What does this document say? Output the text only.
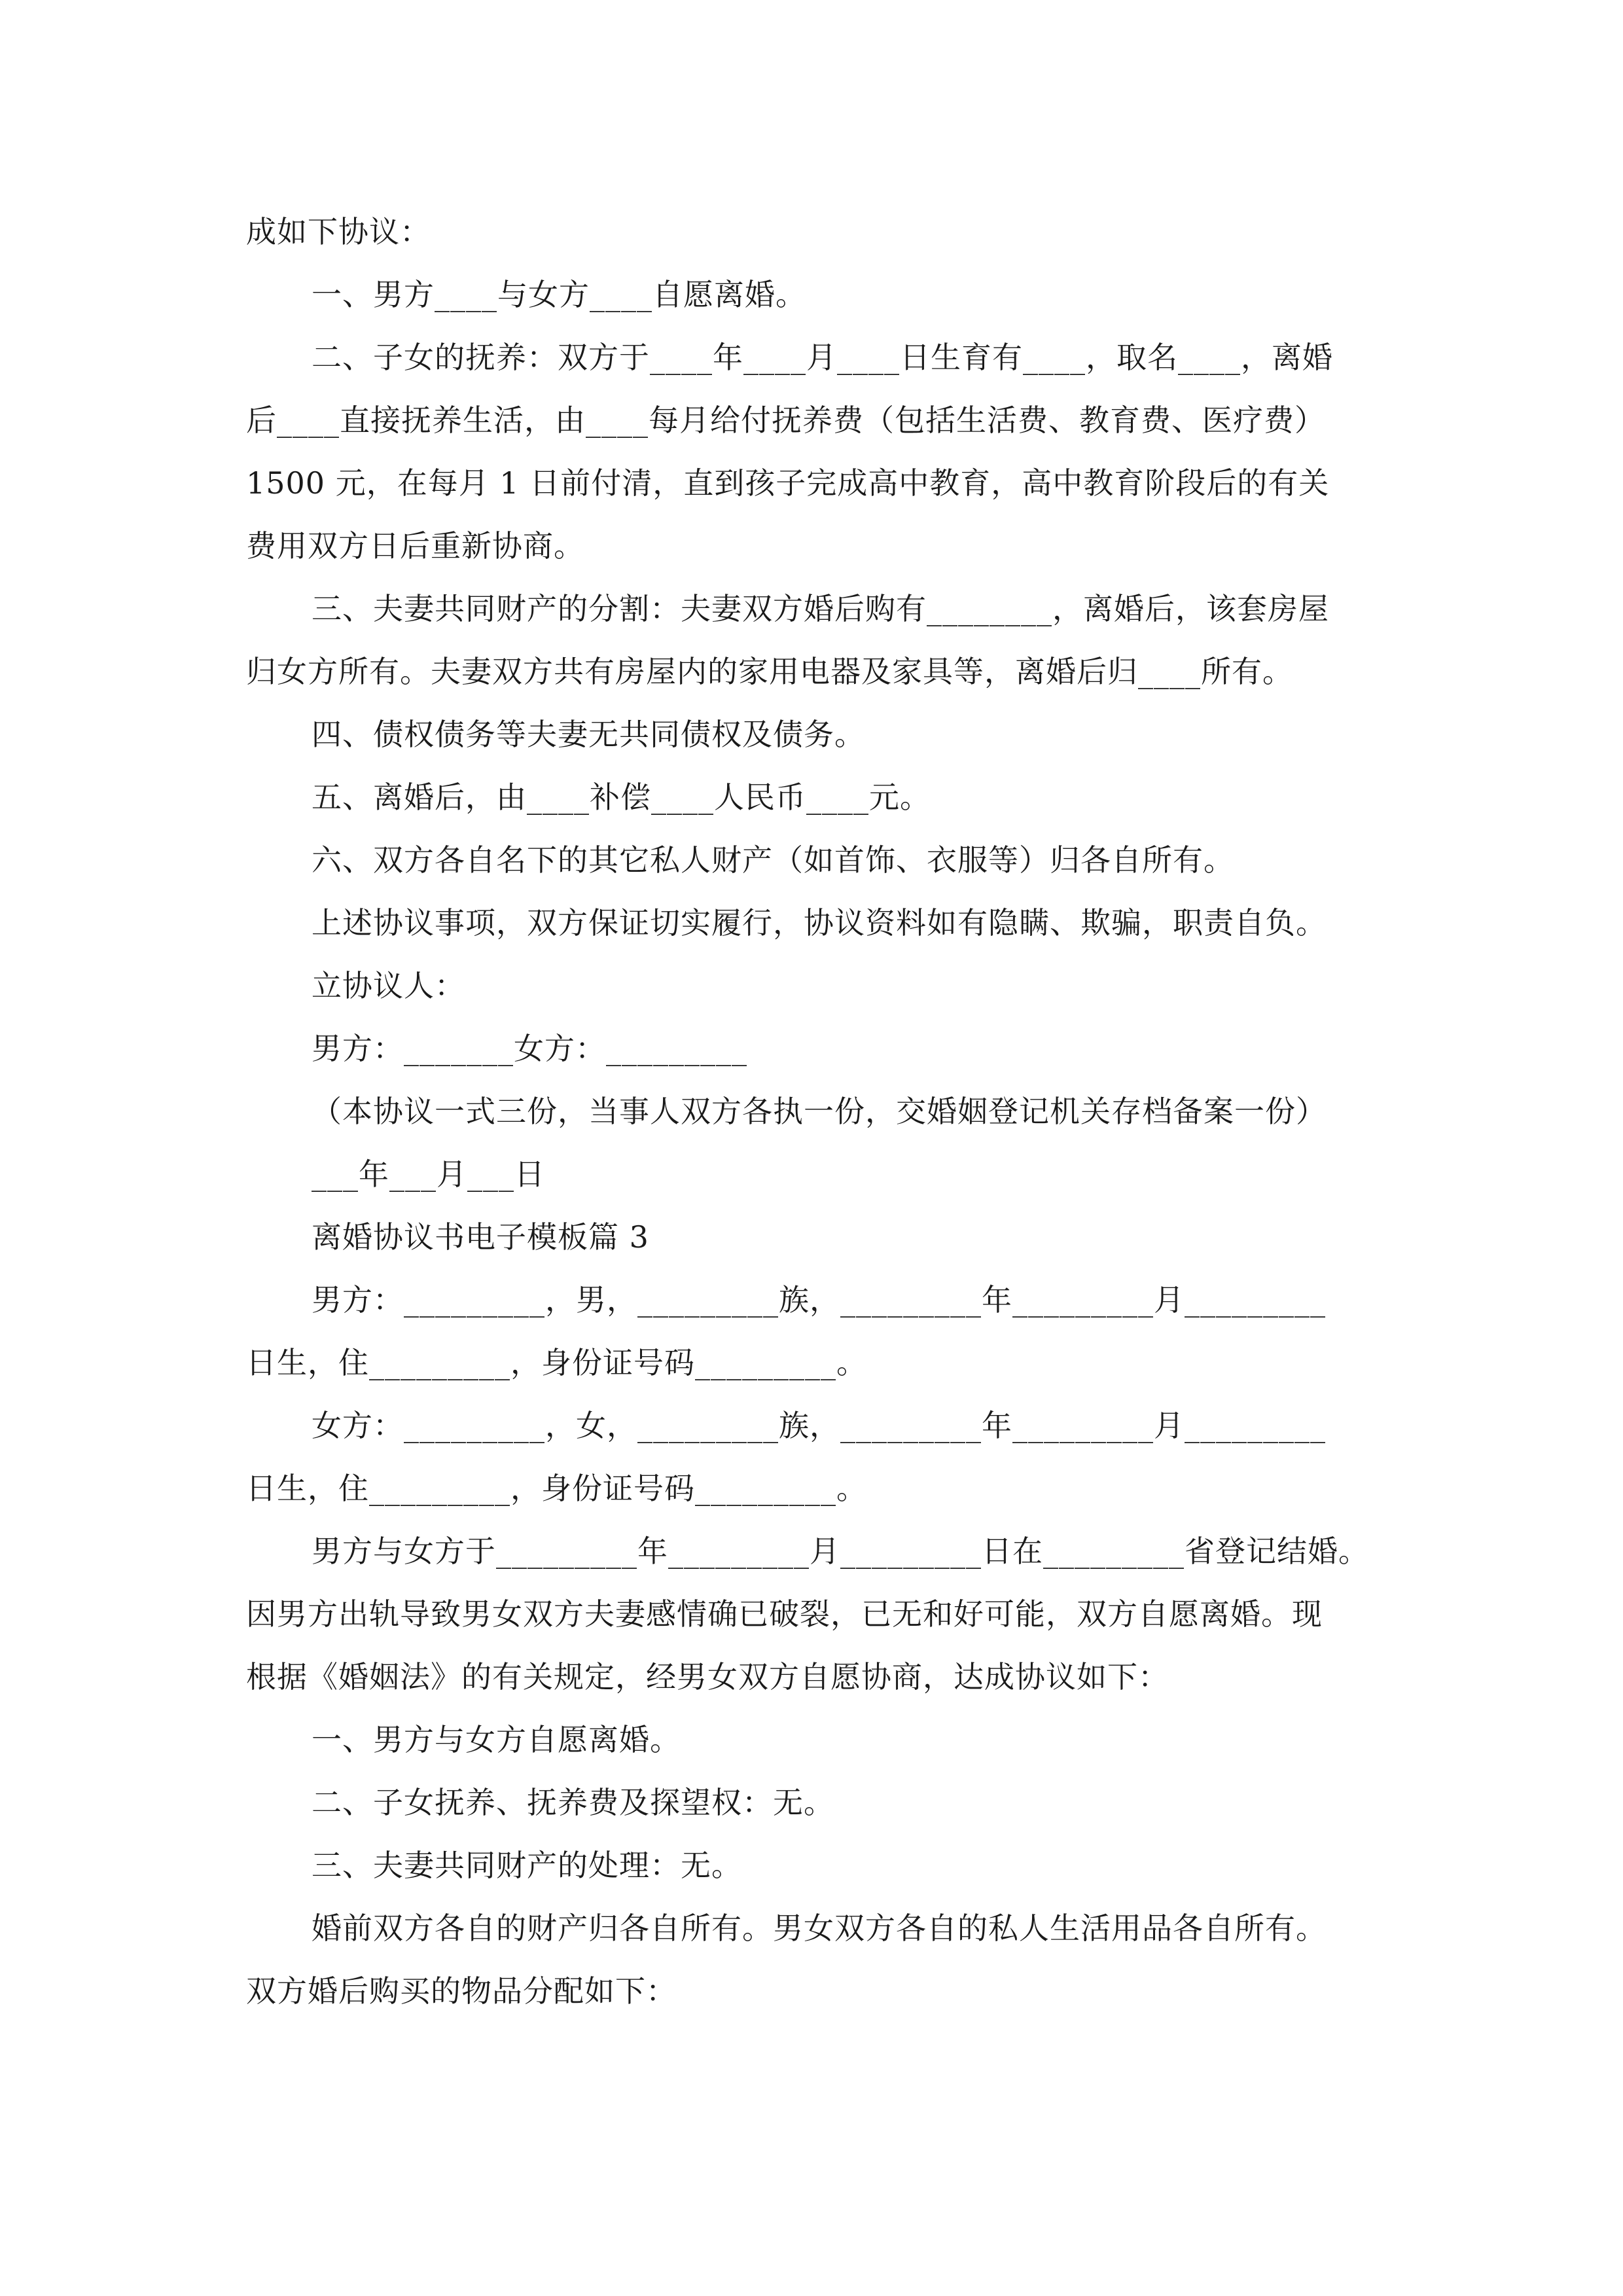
成如下协议：
一、男方____与女方____自愿离婚。
二、子女的抚养：双方于____年____月____日生育有____，取名____，离婚
后____直接抚养生活，由____每月给付抚养费（包括生活费、教育费、医疗费）
1500 元，在每月 1 日前付清，直到孩子完成高中教育，高中教育阶段后的有关
费用双方日后重新协商。
三、夫妻共同财产的分割：夫妻双方婚后购有________，离婚后，该套房屋
归女方所有。夫妻双方共有房屋内的家用电器及家具等，离婚后归____所有。
四、债权债务等夫妻无共同债权及债务。
五、离婚后，由____补偿____人民币____元。
六、双方各自名下的其它私人财产（如首饰、衣服等）归各自所有。
上述协议事项，双方保证切实履行，协议资料如有隐瞒、欺骗，职责自负。
立协议人：
男方：_______女方：_________
（本协议一式三份，当事人双方各执一份，交婚姻登记机关存档备案一份）
___年___月___日
离婚协议书电子模板篇 3
男方：_________，男，_________族，_________年_________月_________
日生，住_________，身份证号码_________。
女方：_________，女，_________族，_________年_________月_________
日生，住_________，身份证号码_________。
男方与女方于_________年_________月_________日在_________省登记结婚。
因男方出轨导致男女双方夫妻感情确已破裂，已无和好可能，双方自愿离婚。现
根据《婚姻法》的有关规定，经男女双方自愿协商，达成协议如下：
一、男方与女方自愿离婚。
二、子女抚养、抚养费及探望权：无。
三、夫妻共同财产的处理：无。
婚前双方各自的财产归各自所有。男女双方各自的私人生活用品各自所有。
双方婚后购买的物品分配如下：
